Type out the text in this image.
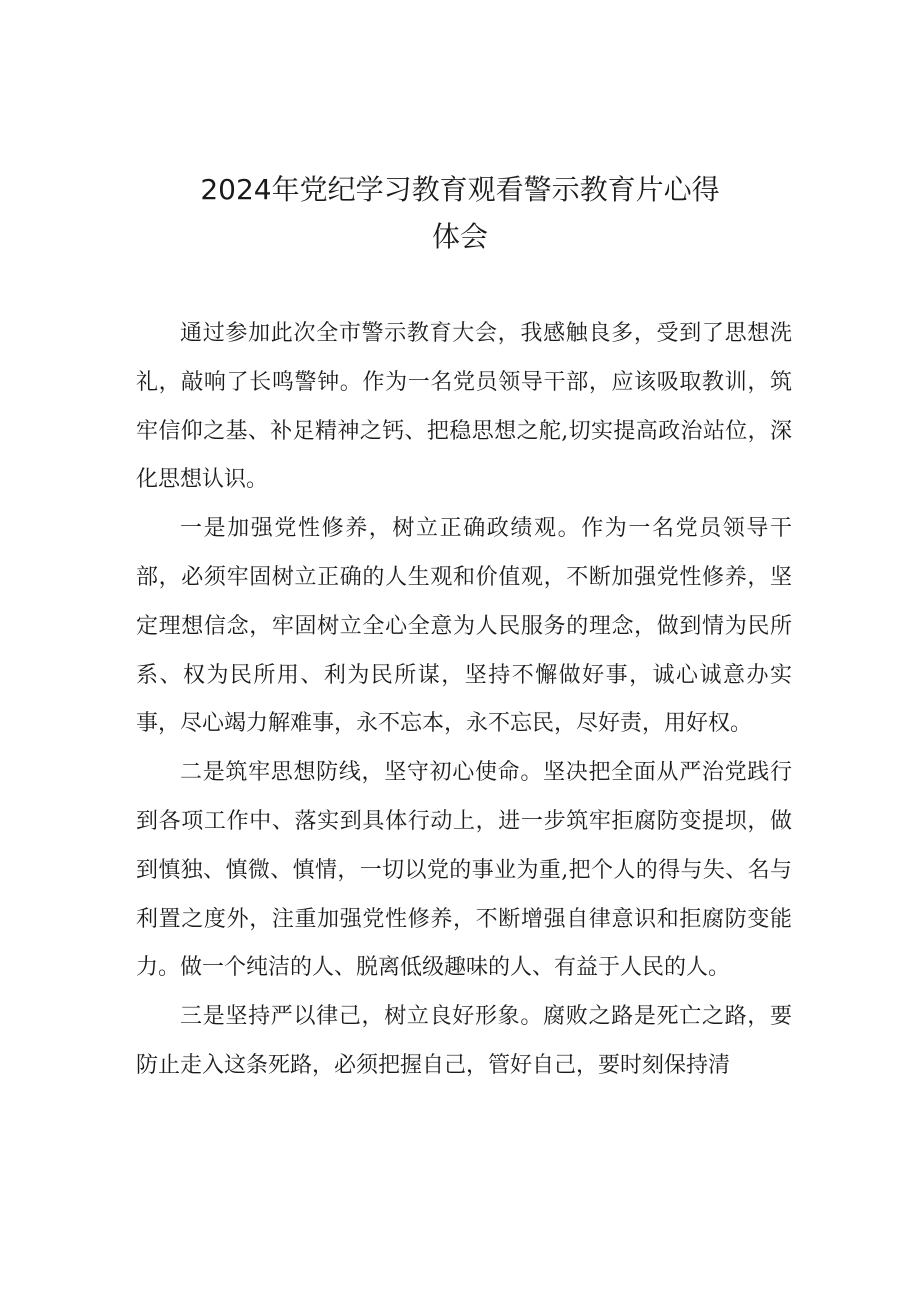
2024年党纪学习教育观看警示教育片心得
体会

通过参加此次全市警示教育大会，我感触良多，受到了思想洗礼，敲响了长鸣警钟。作为一名党员领导干部，应该吸取教训，筑牢信仰之基、补足精神之钙、把稳思想之舵,切实提高政治站位，深化思想认识。

一是加强党性修养，树立正确政绩观。作为一名党员领导干部，必须牢固树立正确的人生观和价值观，不断加强党性修养，坚定理想信念，牢固树立全心全意为人民服务的理念，做到情为民所系、权为民所用、利为民所谋，坚持不懈做好事，诚心诚意办实事，尽心竭力解难事，永不忘本，永不忘民，尽好责，用好权。

二是筑牢思想防线，坚守初心使命。坚决把全面从严治党践行到各项工作中、落实到具体行动上，进一步筑牢拒腐防变提坝，做到慎独、慎微、慎情，一切以党的事业为重,把个人的得与失、名与利置之度外，注重加强党性修养，不断增强自律意识和拒腐防变能力。做一个纯洁的人、脱离低级趣味的人、有益于人民的人。

三是坚持严以律己，树立良好形象。腐败之路是死亡之路，要防止走入这条死路，必须把握自己，管好自己，要时刻保持清
